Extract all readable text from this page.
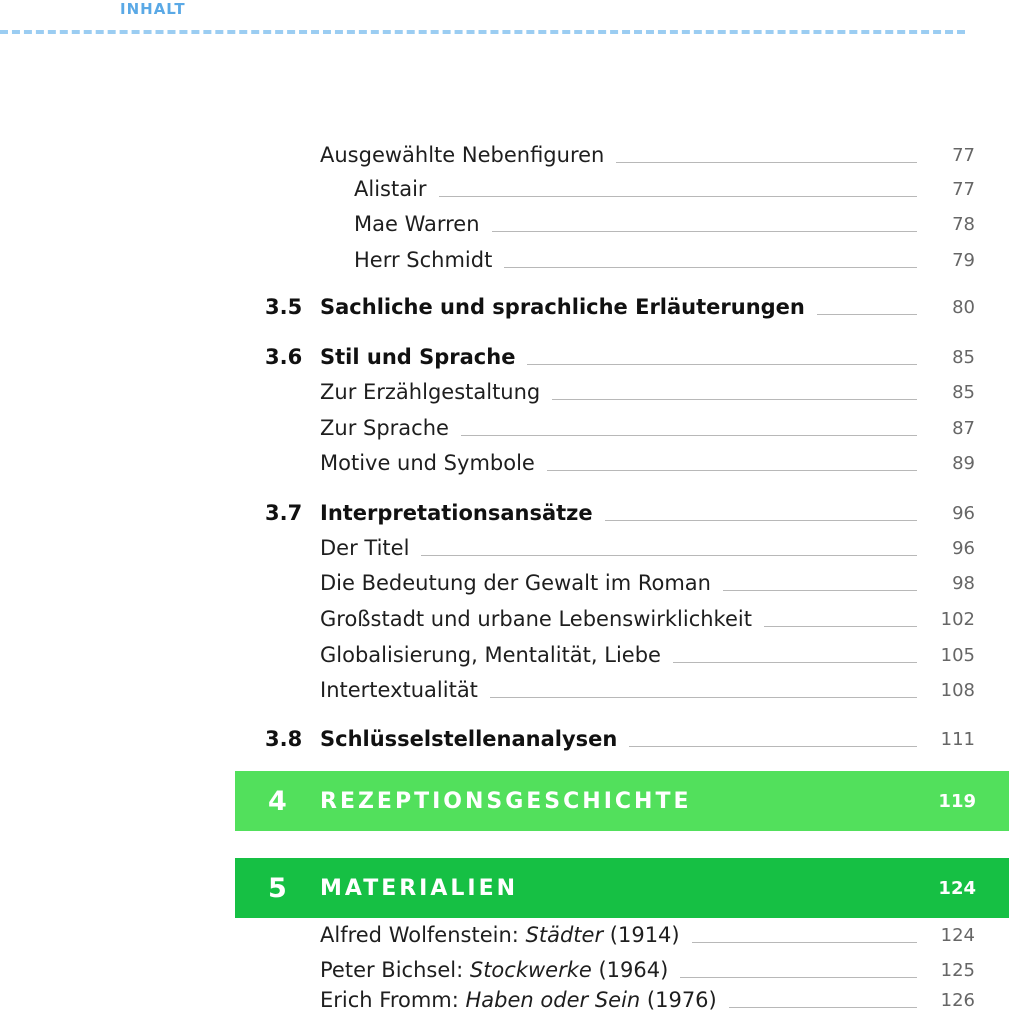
INHALT
Ausgewählte Nebenfiguren	77
Alistair	77
Mae Warren	78
Herr Schmidt	79
3.5 Sachliche und sprachliche Erläuterungen	80
3.6 Stil und Sprache	85
Zur Erzählgestaltung	85
Zur Sprache	87
Motive und Symbole	89
3.7 Interpretationsansätze	96
Der Titel	96
Die Bedeutung der Gewalt im Roman	98
Großstadt und urbane Lebenswirklichkeit	102
Globalisierung, Mentalität, Liebe	105
Intertextualität	108
3.8 Schlüsselstellenanalysen	111
4	REZEPTIONSGESCHICHTE	119
5	MATERIALIEN	124
Alfred Wolfenstein: Städter (1914)	124
Peter Bichsel: Stockwerke (1964)	125
Erich Fromm: Haben oder Sein (1976)	126
